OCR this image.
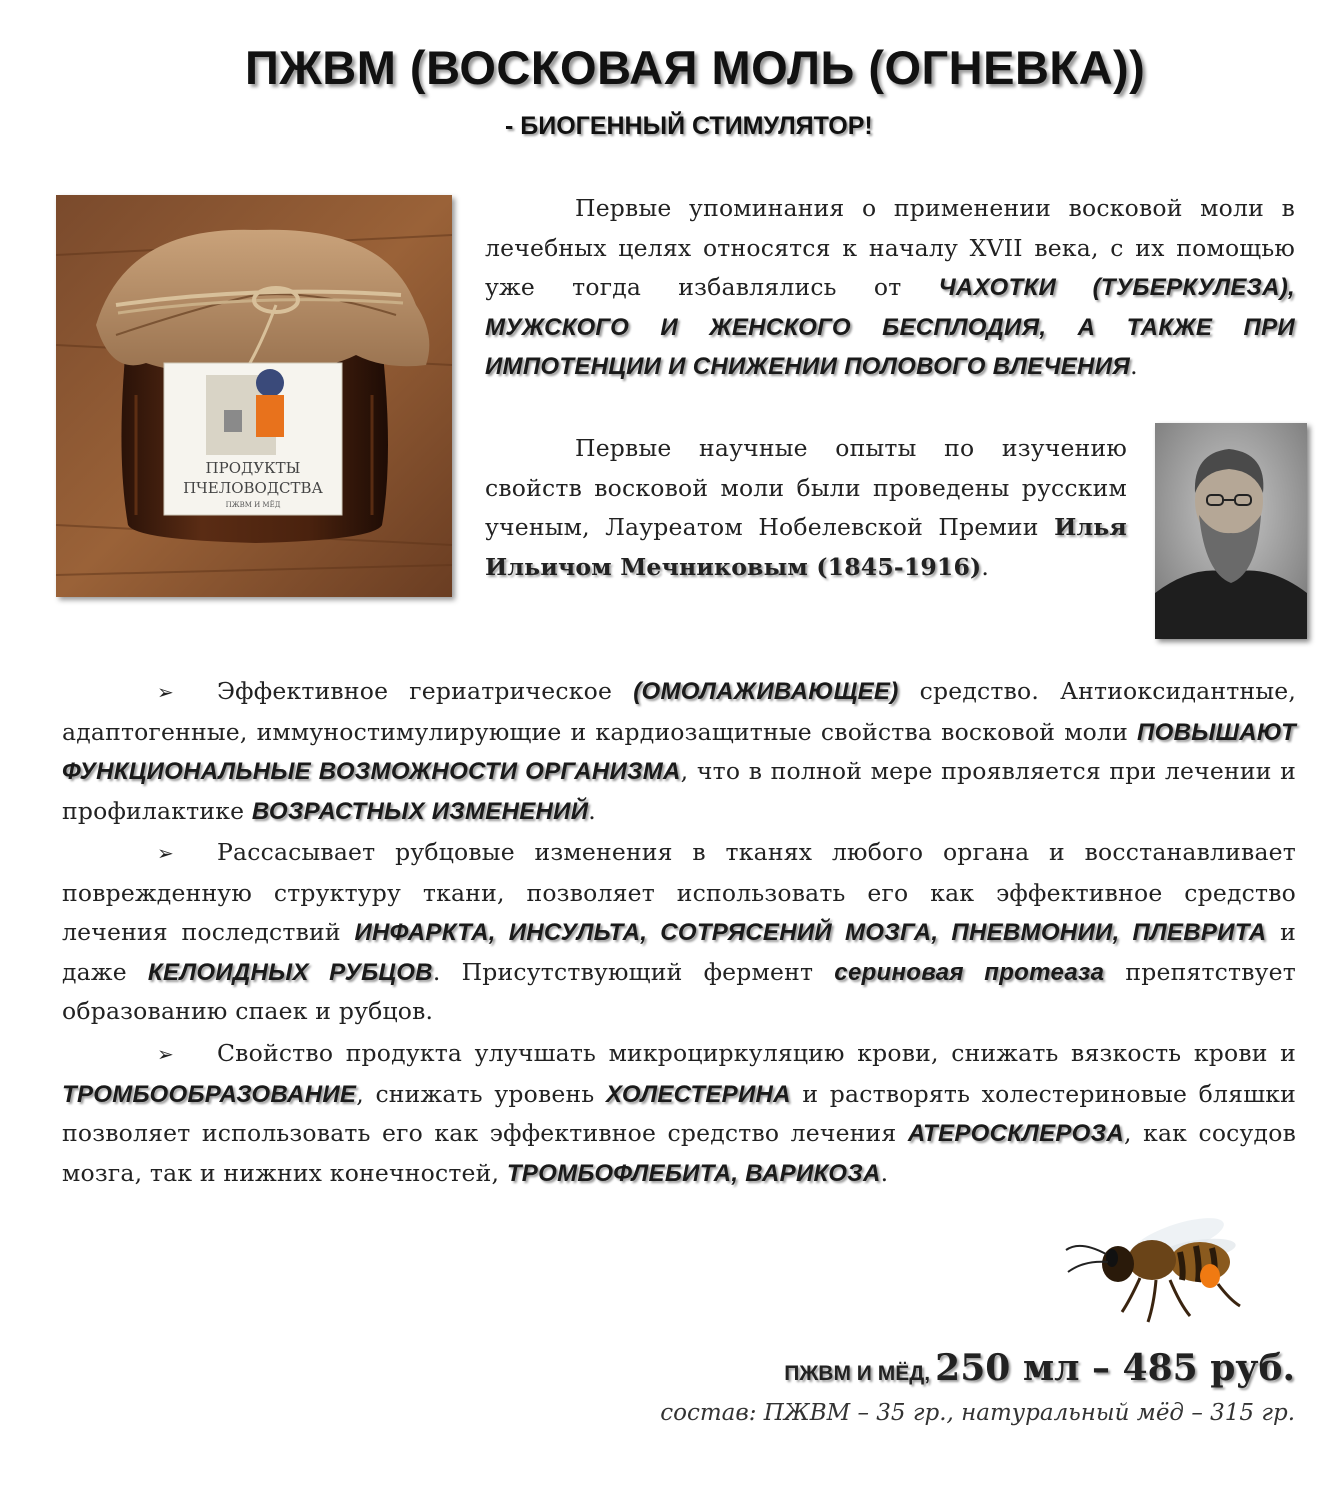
ПЖВМ (ВОСКОВАЯ МОЛЬ (ОГНЕВКА))
- БИОГЕННЫЙ СТИМУЛЯТОР!
ПРОДУКТЫ
ПЧЕЛОВОДСТВА
ПЖВМ И МЁД
Первые упоминания о применении восковой моли в лечебных целях относятся к началу XVII века, с их помощью уже тогда избавлялись от ЧАХОТКИ (ТУБЕРКУЛЕЗА), МУЖСКОГО И ЖЕНСКОГО БЕСПЛОДИЯ, А ТАКЖЕ ПРИ ИМПОТЕНЦИИ И СНИЖЕНИИ ПОЛОВОГО ВЛЕЧЕНИЯ.
Первые научные опыты по изучению свойств восковой моли были проведены русским ученым, Лауреатом Нобелевской Премии Илья Ильичом Мечниковым (1845-1916).
➢ Эффективное гериатрическое (ОМОЛАЖИВАЮЩЕЕ) средство. Антиоксидантные, адаптогенные, иммуностимулирующие и кардиозащитные свойства восковой моли ПОВЫШАЮТ ФУНКЦИОНАЛЬНЫЕ ВОЗМОЖНОСТИ ОРГАНИЗМА, что в полной мере проявляется при лечении и профилактике ВОЗРАСТНЫХ ИЗМЕНЕНИЙ.
➢ Рассасывает рубцовые изменения в тканях любого органа и восстанавливает поврежденную структуру ткани, позволяет использовать его как эффективное средство лечения последствий ИНФАРКТА, ИНСУЛЬТА, СОТРЯСЕНИЙ МОЗГА, ПНЕВМОНИИ, ПЛЕВРИТА и даже КЕЛОИДНЫХ РУБЦОВ. Присутствующий фермент сериновая протеаза препятствует образованию спаек и рубцов.
➢ Свойство продукта улучшать микроциркуляцию крови, снижать вязкость крови и ТРОМБООБРАЗОВАНИЕ, снижать уровень ХОЛЕСТЕРИНА и растворять холестериновые бляшки позволяет использовать его как эффективное средство лечения АТЕРОСКЛЕРОЗА, как сосудов мозга, так и нижних конечностей, ТРОМБОФЛЕБИТА, ВАРИКОЗА.
ПЖВМ И МЁД, 250 мл – 485 руб.
состав: ПЖВМ – 35 гр., натуральный мёд – 315 гр.
